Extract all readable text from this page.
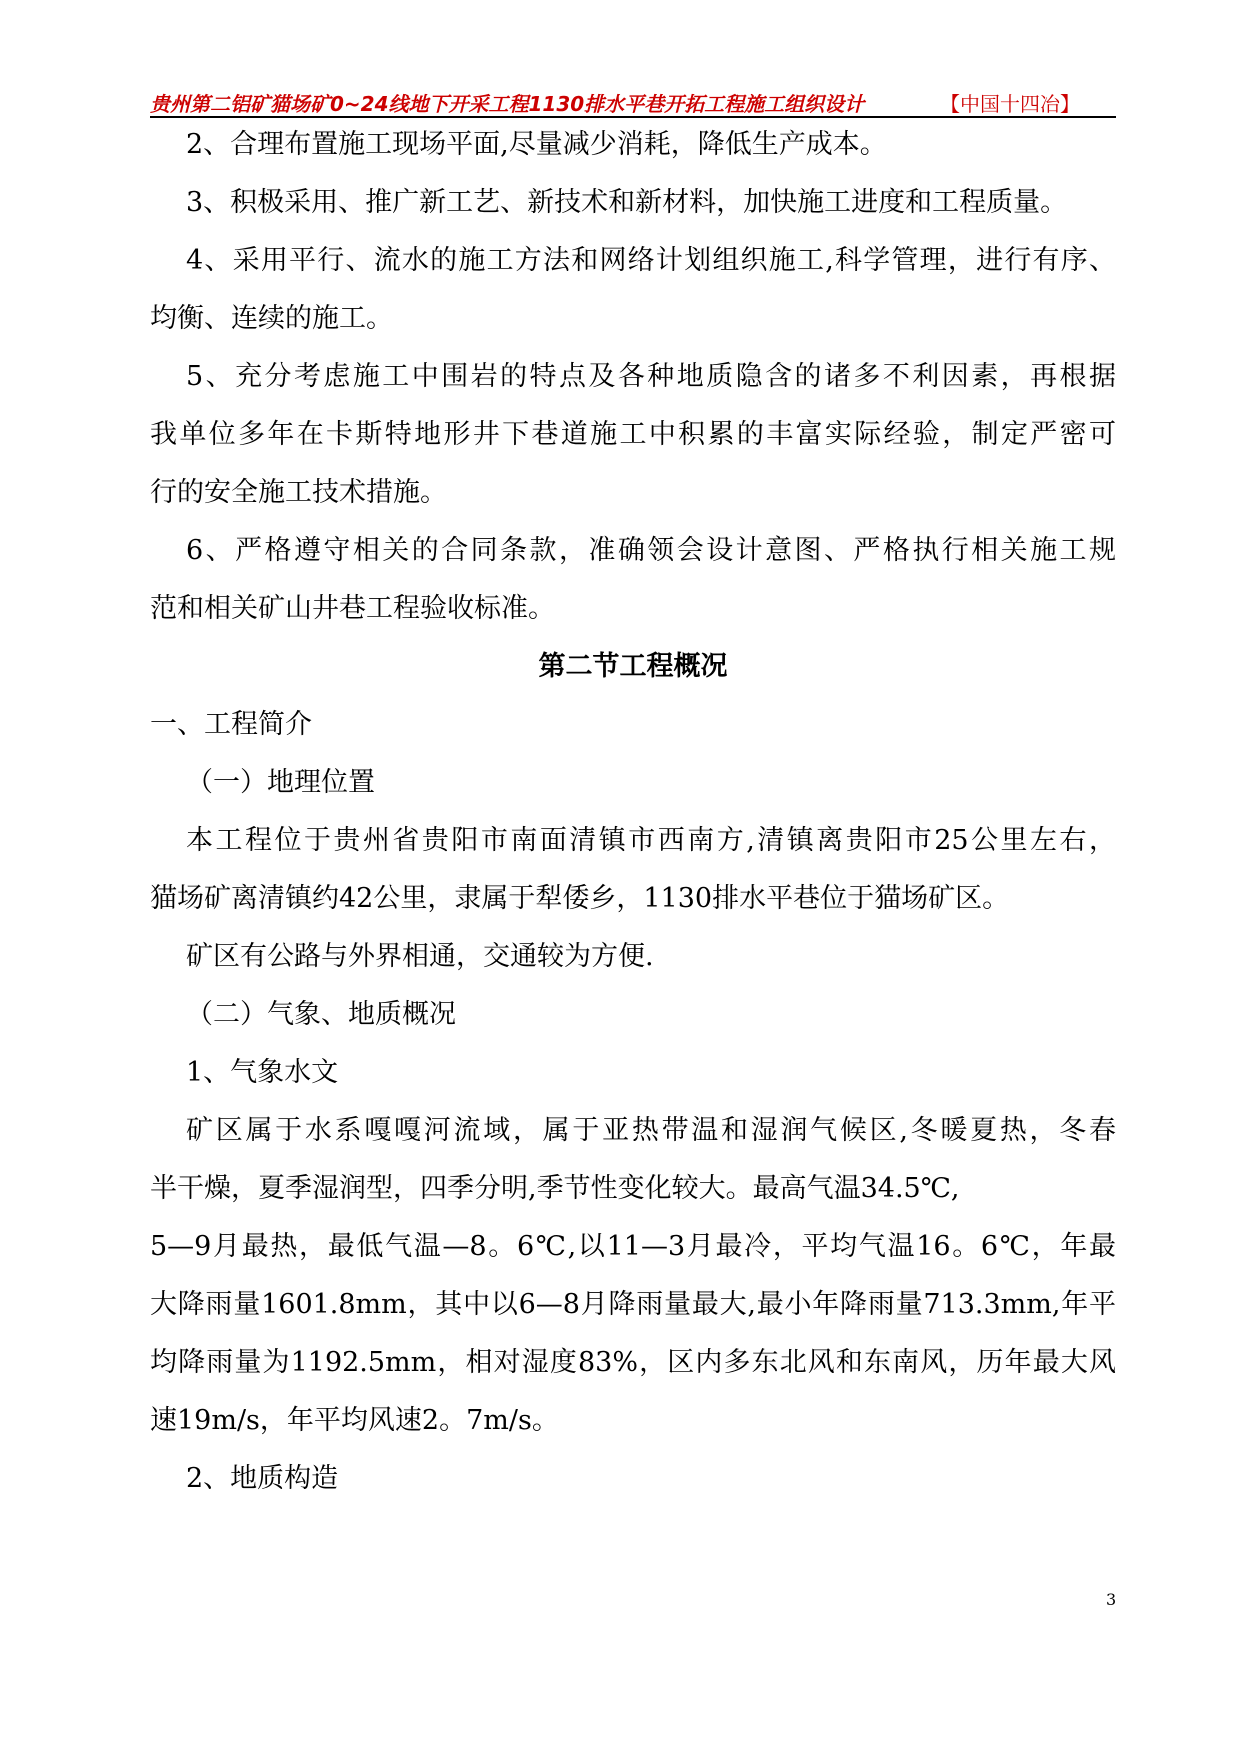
贵州第二铝矿猫场矿0~24线地下开采工程1130排水平巷开拓工程施工组织设计	【中国十四冶】
2、合理布置施工现场平面,尽量减少消耗，降低生产成本。
3、积极采用、推广新工艺、新技术和新材料，加快施工进度和工程质量。
4、采用平行、流水的施工方法和网络计划组织施工,科学管理，进行有序、
均衡、连续的施工。
5、充分考虑施工中围岩的特点及各种地质隐含的诸多不利因素，再根据
我单位多年在卡斯特地形井下巷道施工中积累的丰富实际经验，制定严密可
行的安全施工技术措施。
6、严格遵守相关的合同条款，准确领会设计意图、严格执行相关施工规
范和相关矿山井巷工程验收标准。
第二节工程概况
一、工程简介
（一）地理位置
本工程位于贵州省贵阳市南面清镇市西南方,清镇离贵阳市25公里左右，
猫场矿离清镇约42公里，隶属于犁倭乡，1130排水平巷位于猫场矿区。
矿区有公路与外界相通，交通较为方便.
（二）气象、地质概况
1、气象水文
矿区属于水系嘎嘎河流域，属于亚热带温和湿润气候区,冬暖夏热，冬春
半干燥，夏季湿润型，四季分明,季节性变化较大。最高气温34.5℃,
5—9月最热，最低气温—8。6℃,以11—3月最冷，平均气温16。6℃，年最
大降雨量1601.8mm，其中以6—8月降雨量最大,最小年降雨量713.3mm,年平
均降雨量为1192.5mm，相对湿度83%，区内多东北风和东南风，历年最大风
速19m/s，年平均风速2。7m/s。
2、地质构造
3
